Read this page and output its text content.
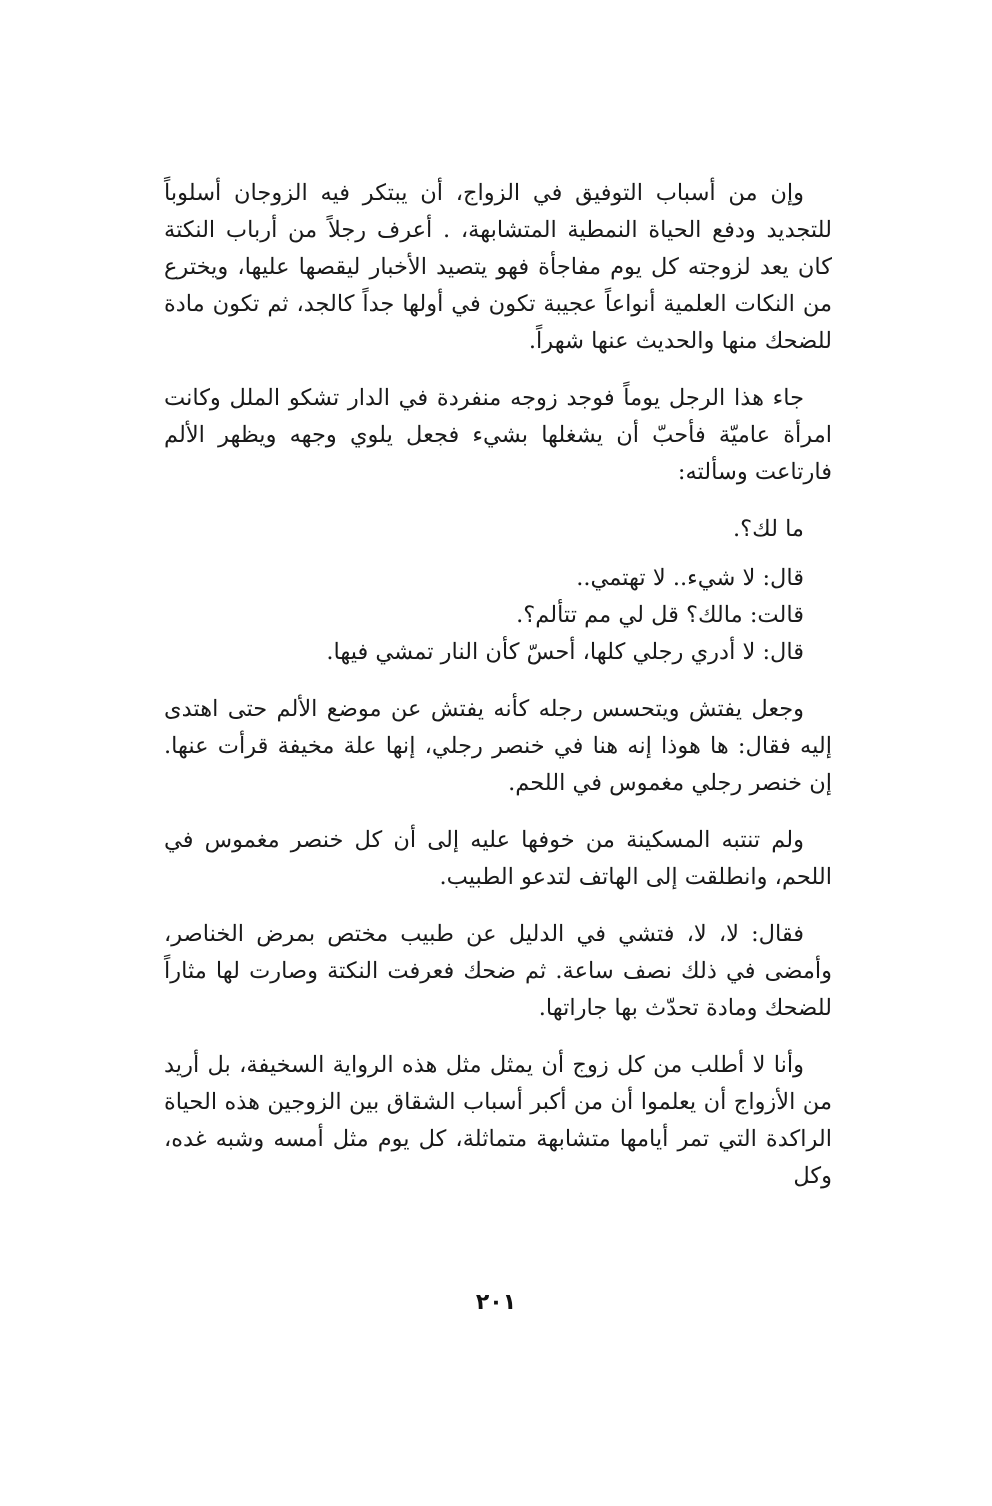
وإن من أسباب التوفيق في الزواج، أن يبتكر فيه الزوجان أسلوباً للتجديد ودفع الحياة النمطية المتشابهة، . أعرف رجلاً من أرباب النكتة كان يعد لزوجته كل يوم مفاجأة فهو يتصيد الأخبار ليقصها عليها، ويخترع من النكات العلمية أنواعاً عجيبة تكون في أولها جداً كالجد، ثم تكون مادة للضحك منها والحديث عنها شهراً.

جاء هذا الرجل يوماً فوجد زوجه منفردة في الدار تشكو الملل وكانت امرأة عاميّة فأحبّ أن يشغلها بشيء فجعل يلوي وجهه ويظهر الألم فارتاعت وسألته:

ما لك؟.
قال: لا شيء.. لا تهتمي..
قالت: مالك؟ قل لي مم تتألم؟.
قال: لا أدري رجلي كلها، أحسّ كأن النار تمشي فيها.

وجعل يفتش ويتحسس رجله كأنه يفتش عن موضع الألم حتى اهتدى إليه فقال: ها هوذا إنه هنا في خنصر رجلي، إنها علة مخيفة قرأت عنها. إن خنصر رجلي مغموس في اللحم.

ولم تنتبه المسكينة من خوفها عليه إلى أن كل خنصر مغموس في اللحم، وانطلقت إلى الهاتف لتدعو الطبيب.

فقال: لا، لا، فتشي في الدليل عن طبيب مختص بمرض الخناصر، وأمضى في ذلك نصف ساعة. ثم ضحك فعرفت النكتة وصارت لها مثاراً للضحك ومادة تحدّث بها جاراتها.

وأنا لا أطلب من كل زوج أن يمثل مثل هذه الرواية السخيفة، بل أريد من الأزواج أن يعلموا أن من أكبر أسباب الشقاق بين الزوجين هذه الحياة الراكدة التي تمر أيامها متشابهة متماثلة، كل يوم مثل أمسه وشبه غده، وكل

٢٠١
